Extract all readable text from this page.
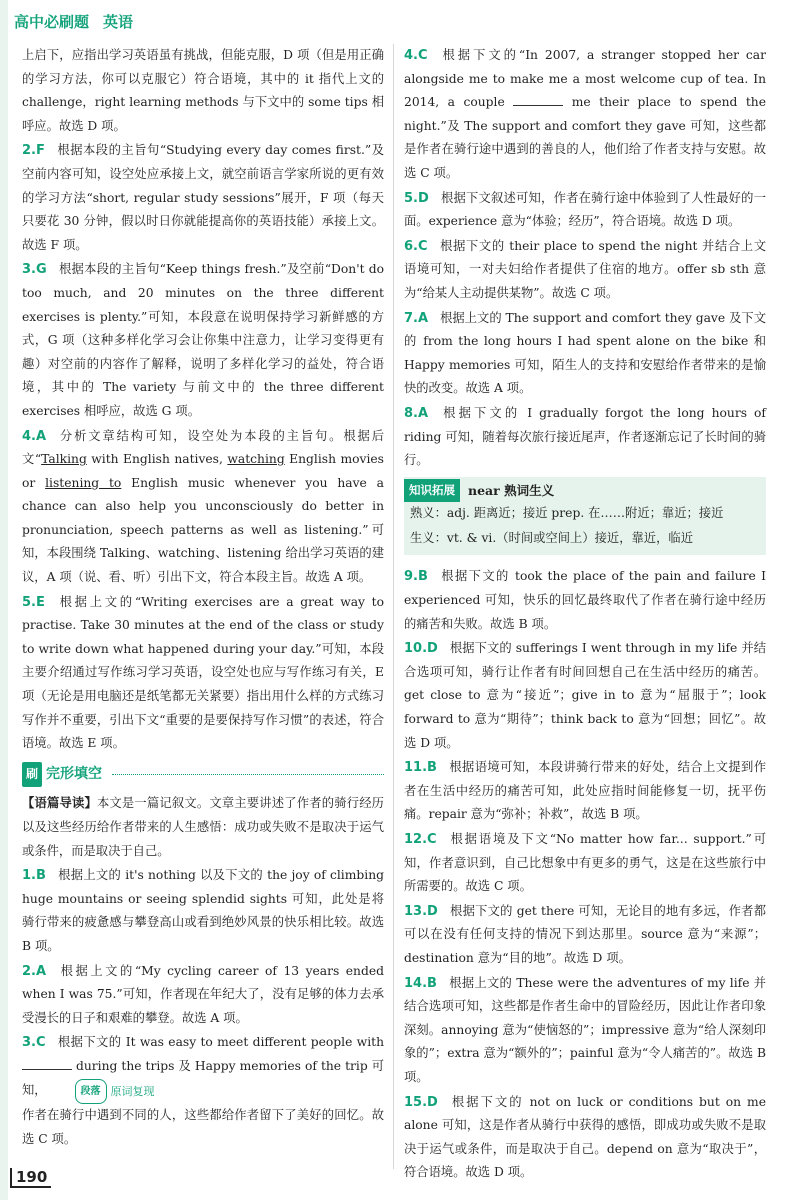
高中必刷题 英语

上启下，应指出学习英语虽有挑战，但能克服，D 项（但是用正确的学习方法，你可以克服它）符合语境，其中的 it 指代上文的 challenge，right learning methods 与下文中的 some tips 相呼应。故选 D 项。

2.F 根据本段的主旨句“Studying every day comes first.”及空前内容可知，设空处应承接上文，就空前语言学家所说的更有效的学习方法“short, regular study sessions”展开，F 项（每天只要花 30 分钟，假以时日你就能提高你的英语技能）承接上文。故选 F 项。

3.G 根据本段的主旨句“Keep things fresh.”及空前“Don't do too much, and 20 minutes on the three different exercises is plenty.”可知，本段意在说明保持学习新鲜感的方式，G 项（这种多样化学习会让你集中注意力，让学习变得更有趣）对空前的内容作了解释，说明了多样化学习的益处，符合语境，其中的 The variety 与前文中的 the three different exercises 相呼应，故选 G 项。

4.A 分析文章结构可知，设空处为本段的主旨句。根据后文“Talking with English natives, watching English movies or listening to English music whenever you have a chance can also help you unconsciously do better in pronunciation, speech patterns as well as listening.”可知，本段围绕 Talking、watching、listening 给出学习英语的建议，A 项（说、看、听）引出下文，符合本段主旨。故选 A 项。

5.E 根据上文的“Writing exercises are a great way to practise. Take 30 minutes at the end of the class or study to write down what happened during your day.”可知，本段主要介绍通过写作练习学习英语，设空处也应与写作练习有关，E 项（无论是用电脑还是纸笔都无关紧要）指出用什么样的方式练习写作并不重要，引出下文“重要的是要保持写作习惯”的表述，符合语境。故选 E 项。

刷 完形填空

【语篇导读】本文是一篇记叙文。文章主要讲述了作者的骑行经历以及这些经历给作者带来的人生感悟：成功或失败不是取决于运气或条件，而是取决于自己。

1.B 根据上文的 it's nothing 以及下文的 the joy of climbing huge mountains or seeing splendid sights 可知，此处是将骑行带来的疲惫感与攀登高山或看到绝妙风景的快乐相比较。故选 B 项。

2.A 根据上文的“My cycling career of 13 years ended when I was 75.”可知，作者现在年纪大了，没有足够的体力去承受漫长的日子和艰难的攀登。故选 A 项。

3.C 根据下文的 It was easy to meet different people with  during the trips 及 Happy memories of the trip 可知，	段落 原词复现

作者在骑行中遇到不同的人，这些都给作者留下了美好的回忆。故选 C 项。

4.C 根据下文的“In 2007, a stranger stopped her car alongside me to make me a most welcome cup of tea. In 2014, a couple	me their place to spend the night.”及 The support and comfort they gave 可知，这些都是作者在骑行途中遇到的善良的人，他们给了作者支持与安慰。故选 C 项。

5.D 根据下文叙述可知，作者在骑行途中体验到了人性最好的一面。experience 意为“体验；经历”，符合语境。故选 D 项。

6.C 根据下文的 their place to spend the night 并结合上文语境可知，一对夫妇给作者提供了住宿的地方。offer sb sth 意为“给某人主动提供某物”。故选 C 项。

7.A 根据上文的 The support and comfort they gave 及下文的 from the long hours I had spent alone on the bike 和 Happy memories 可知，陌生人的支持和安慰给作者带来的是愉快的改变。故选 A 项。

8.A 根据下文的 I gradually forgot the long hours of riding 可知，随着每次旅行接近尾声，作者逐渐忘记了长时间的骑行。

知识拓展	near 熟词生义

熟义：adj. 距离近；接近 prep. 在……附近；靠近；接近

生义：vt. & vi.（时间或空间上）接近，靠近，临近

9.B 根据下文的 took the place of the pain and failure I experienced 可知，快乐的回忆最终取代了作者在骑行途中经历的痛苦和失败。故选 B 项。

10.D 根据下文的 sufferings I went through in my life 并结合选项可知，骑行让作者有时间回想自己在生活中经历的痛苦。get close to 意为“接近”；give in to 意为“屈服于”；look forward to 意为“期待”；think back to 意为“回想；回忆”。故选 D 项。

11.B 根据语境可知，本段讲骑行带来的好处，结合上文提到作者在生活中经历的痛苦可知，此处应指时间能修复一切，抚平伤痛。repair 意为“弥补；补救”，故选 B 项。

12.C 根据语境及下文“No matter how far... support.”可知，作者意识到，自己比想象中有更多的勇气，这是在这些旅行中所需要的。故选 C 项。

13.D 根据下文的 get there 可知，无论目的地有多远，作者都可以在没有任何支持的情况下到达那里。source 意为“来源”；destination 意为“目的地”。故选 D 项。

14.B 根据上文的 These were the adventures of my life 并结合选项可知，这些都是作者生命中的冒险经历，因此让作者印象深刻。annoying 意为“使恼怒的”；impressive 意为“给人深刻印象的”；extra 意为“额外的”；painful 意为“令人痛苦的”。故选 B 项。

15.D 根据下文的 not on luck or conditions but on me alone 可知，这是作者从骑行中获得的感悟，即成功或失败不是取决于运气或条件，而是取决于自己。depend on 意为“取决于”，符合语境。故选 D 项。

190
